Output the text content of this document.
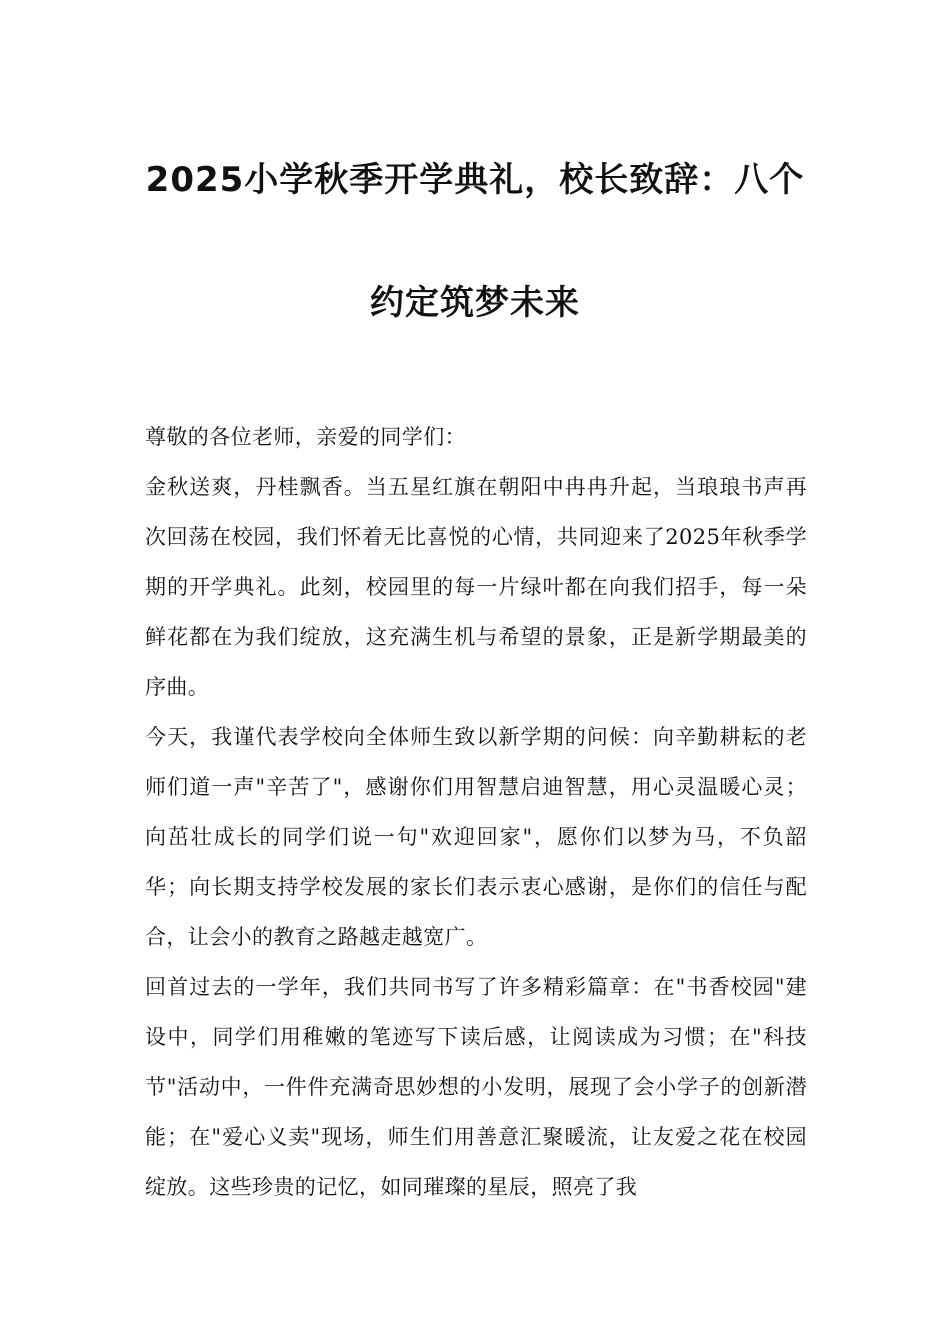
2025小学秋季开学典礼，校长致辞：八个
约定筑梦未来

尊敬的各位老师，亲爱的同学们：

金秋送爽，丹桂飘香。当五星红旗在朝阳中冉冉升起，当琅琅书声再次回荡在校园，我们怀着无比喜悦的心情，共同迎来了2025年秋季学期的开学典礼。此刻，校园里的每一片绿叶都在向我们招手，每一朵鲜花都在为我们绽放，这充满生机与希望的景象，正是新学期最美的序曲。

今天，我谨代表学校向全体师生致以新学期的问候：向辛勤耕耘的老师们道一声"辛苦了"，感谢你们用智慧启迪智慧，用心灵温暖心灵；向茁壮成长的同学们说一句"欢迎回家"，愿你们以梦为马，不负韶华；向长期支持学校发展的家长们表示衷心感谢，是你们的信任与配合，让会小的教育之路越走越宽广。

回首过去的一学年，我们共同书写了许多精彩篇章：在"书香校园"建设中，同学们用稚嫩的笔迹写下读后感，让阅读成为习惯；在"科技节"活动中，一件件充满奇思妙想的小发明，展现了会小学子的创新潜能；在"爱心义卖"现场，师生们用善意汇聚暖流，让友爱之花在校园绽放。这些珍贵的记忆，如同璀璨的星辰，照亮了我
